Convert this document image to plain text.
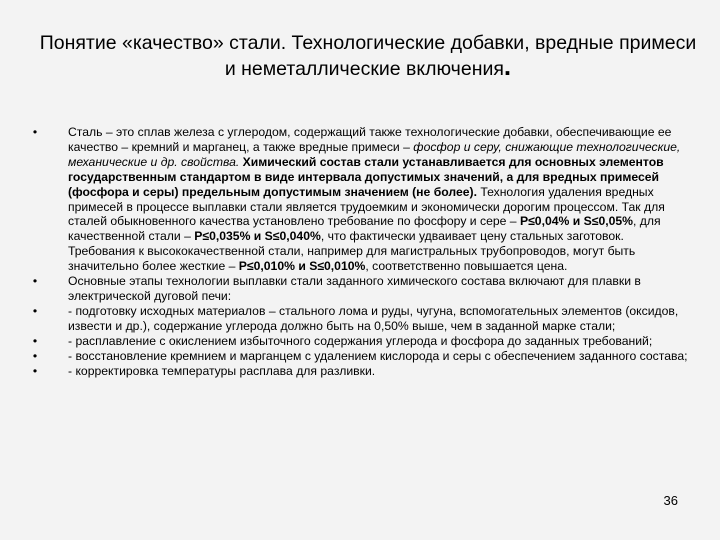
Понятие «качество» стали. Технологические добавки, вредные примеси и неметаллические включения.

•	Сталь – это сплав железа с углеродом, содержащий также технологические добавки, обеспечивающие ее качество – кремний и марганец, а также вредные примеси – фосфор и серу, снижающие технологические, механические и др. свойства. Химический состав стали устанавливается для основных элементов государственным стандартом в виде интервала допустимых значений, а для вредных примесей (фосфора и серы) предельным допустимым значением (не более). Технология удаления вредных примесей в процессе выплавки стали является трудоемким и экономически дорогим процессом. Так для сталей обыкновенного качества установлено требование по фосфору и сере – Р≤0,04% и S≤0,05%, для качественной стали – Р≤0,035% и S≤0,040%, что фактически удваивает цену стальных заготовок. Требования к высококачественной стали, например для магистральных трубопроводов, могут быть значительно более жесткие – Р≤0,010% и S≤0,010%, соответственно повышается цена.

•	Основные этапы технологии выплавки стали заданного химического состава включают для плавки в электрической дуговой печи:

•	- подготовку исходных материалов – стального лома и руды, чугуна, вспомогательных элементов (оксидов, извести и др.), содержание углерода должно быть на 0,50% выше, чем в заданной марке стали;

•	- расплавление с окислением избыточного содержания углерода и фосфора до заданных требований;

•	- восстановление кремнием и марганцем с удалением кислорода и серы с обеспечением заданного состава;

•	- корректировка температуры расплава для разливки.

36
